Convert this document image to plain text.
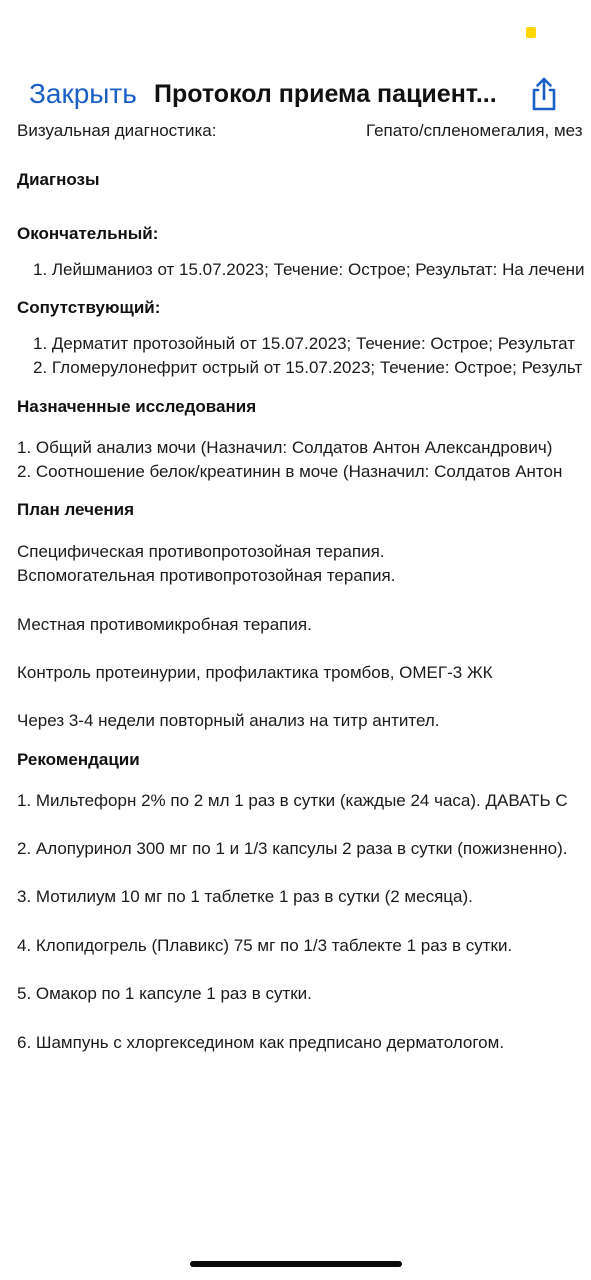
Закрыть Протокол приема пациент...
Визуальная диагностика:	Гепато/спленомегалия, мез
Диагнозы
Окончательный:
1. Лейшманиоз от 15.07.2023; Течение: Острое; Результат: На лечени
Сопутствующий:
1. Дерматит протозойный от 15.07.2023; Течение: Острое; Результат
2. Гломерулонефрит острый от 15.07.2023; Течение: Острое; Результ
Назначенные исследования
1. Общий анализ мочи (Назначил: Солдатов Антон Александрович)
2. Соотношение белок/креатинин в моче (Назначил: Солдатов Антон
План лечения
Специфическая противопротозойная терапия.
Вспомогательная противопротозойная терапия.
Местная противомикробная терапия.
Контроль протеинурии, профилактика тромбов, ОМЕГ-3 ЖК
Через 3-4 недели повторный анализ на титр антител.
Рекомендации
1. Мильтефорн 2% по 2 мл 1 раз в сутки (каждые 24 часа). ДАВАТЬ С
2. Алопуринол 300 мг по 1 и 1/3 капсулы 2 раза в сутки (пожизненно).
3. Мотилиум 10 мг по 1 таблетке 1 раз в сутки (2 месяца).
4. Клопидогрель (Плавикс) 75 мг по 1/3 таблекте 1 раз в сутки.
5. Омакор по 1 капсуле 1 раз в сутки.
6. Шампунь с хлоргекседином как предписано дерматологом.
